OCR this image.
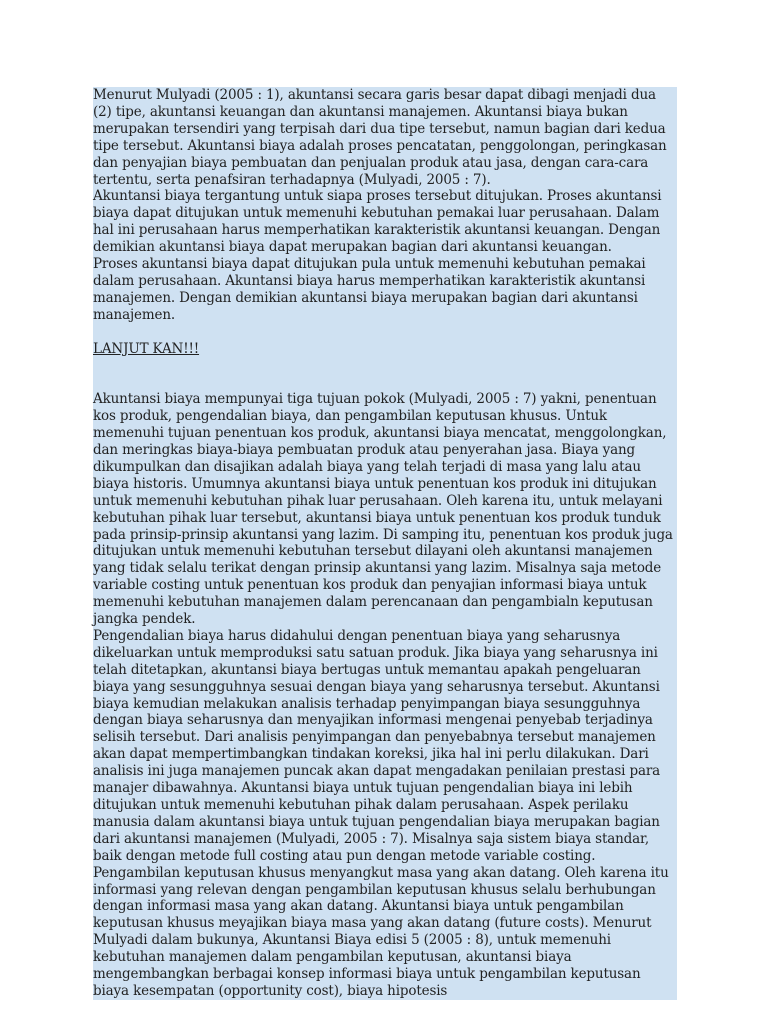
Menurut Mulyadi (2005 : 1), akuntansi secara garis besar dapat dibagi menjadi dua (2) tipe, akuntansi keuangan dan akuntansi manajemen. Akuntansi biaya bukan merupakan tersendiri yang terpisah dari dua tipe tersebut, namun bagian dari kedua tipe tersebut. Akuntansi biaya adalah proses pencatatan, penggolongan, peringkasan dan penyajian biaya pembuatan dan penjualan produk atau jasa, dengan cara-cara tertentu, serta penafsiran terhadapnya (Mulyadi, 2005 : 7).

Akuntansi biaya tergantung untuk siapa proses tersebut ditujukan. Proses akuntansi biaya dapat ditujukan untuk memenuhi kebutuhan pemakai luar perusahaan. Dalam hal ini perusahaan harus memperhatikan karakteristik akuntansi keuangan. Dengan demikian akuntansi biaya dapat merupakan bagian dari akuntansi keuangan.

Proses akuntansi biaya dapat ditujukan pula untuk memenuhi kebutuhan pemakai dalam perusahaan. Akuntansi biaya harus memperhatikan karakteristik akuntansi manajemen. Dengan demikian akuntansi biaya merupakan bagian dari akuntansi manajemen.

LANJUT KAN!!!

Akuntansi biaya mempunyai tiga tujuan pokok (Mulyadi, 2005 : 7) yakni, penentuan kos produk, pengendalian biaya, dan pengambilan keputusan khusus. Untuk memenuhi tujuan penentuan kos produk, akuntansi biaya mencatat, menggolongkan, dan meringkas biaya-biaya pembuatan produk atau penyerahan jasa. Biaya yang dikumpulkan dan disajikan adalah biaya yang telah terjadi di masa yang lalu atau biaya historis. Umumnya akuntansi biaya untuk penentuan kos produk ini ditujukan untuk memenuhi kebutuhan pihak luar perusahaan. Oleh karena itu, untuk melayani kebutuhan pihak luar tersebut, akuntansi biaya untuk penentuan kos produk tunduk pada prinsip-prinsip akuntansi yang lazim. Di samping itu, penentuan kos produk juga ditujukan untuk memenuhi kebutuhan tersebut dilayani oleh akuntansi manajemen yang tidak selalu terikat dengan prinsip akuntansi yang lazim. Misalnya saja metode variable costing untuk penentuan kos produk dan penyajian informasi biaya untuk memenuhi kebutuhan manajemen dalam perencanaan dan pengambialn keputusan jangka pendek.

Pengendalian biaya harus didahului dengan penentuan biaya yang seharusnya dikeluarkan untuk memproduksi satu satuan produk. Jika biaya yang seharusnya ini telah ditetapkan, akuntansi biaya bertugas untuk memantau apakah pengeluaran biaya yang sesungguhnya sesuai dengan biaya yang seharusnya tersebut. Akuntansi biaya kemudian melakukan analisis terhadap penyimpangan biaya sesungguhnya dengan biaya seharusnya dan menyajikan informasi mengenai penyebab terjadinya selisih tersebut. Dari analisis penyimpangan dan penyebabnya tersebut manajemen akan dapat mempertimbangkan tindakan koreksi, jika hal ini perlu dilakukan. Dari analisis ini juga manajemen puncak akan dapat mengadakan penilaian prestasi para manajer dibawahnya. Akuntansi biaya untuk tujuan pengendalian biaya ini lebih ditujukan untuk memenuhi kebutuhan pihak dalam perusahaan. Aspek perilaku manusia dalam akuntansi biaya untuk tujuan pengendalian biaya merupakan bagian dari akuntansi manajemen (Mulyadi, 2005 : 7). Misalnya saja sistem biaya standar, baik dengan metode full costing atau pun dengan metode variable costing.

Pengambilan keputusan khusus menyangkut masa yang akan datang. Oleh karena itu informasi yang relevan dengan pengambilan keputusan khusus selalu berhubungan dengan informasi masa yang akan datang. Akuntansi biaya untuk pengambilan keputusan khusus meyajikan biaya masa yang akan datang (future costs). Menurut Mulyadi dalam bukunya, Akuntansi Biaya edisi 5 (2005 : 8), untuk memenuhi kebutuhan manajemen dalam pengambilan keputusan, akuntansi biaya mengembangkan berbagai konsep informasi biaya untuk pengambilan keputusan biaya kesempatan (opportunity cost), biaya hipotesis
